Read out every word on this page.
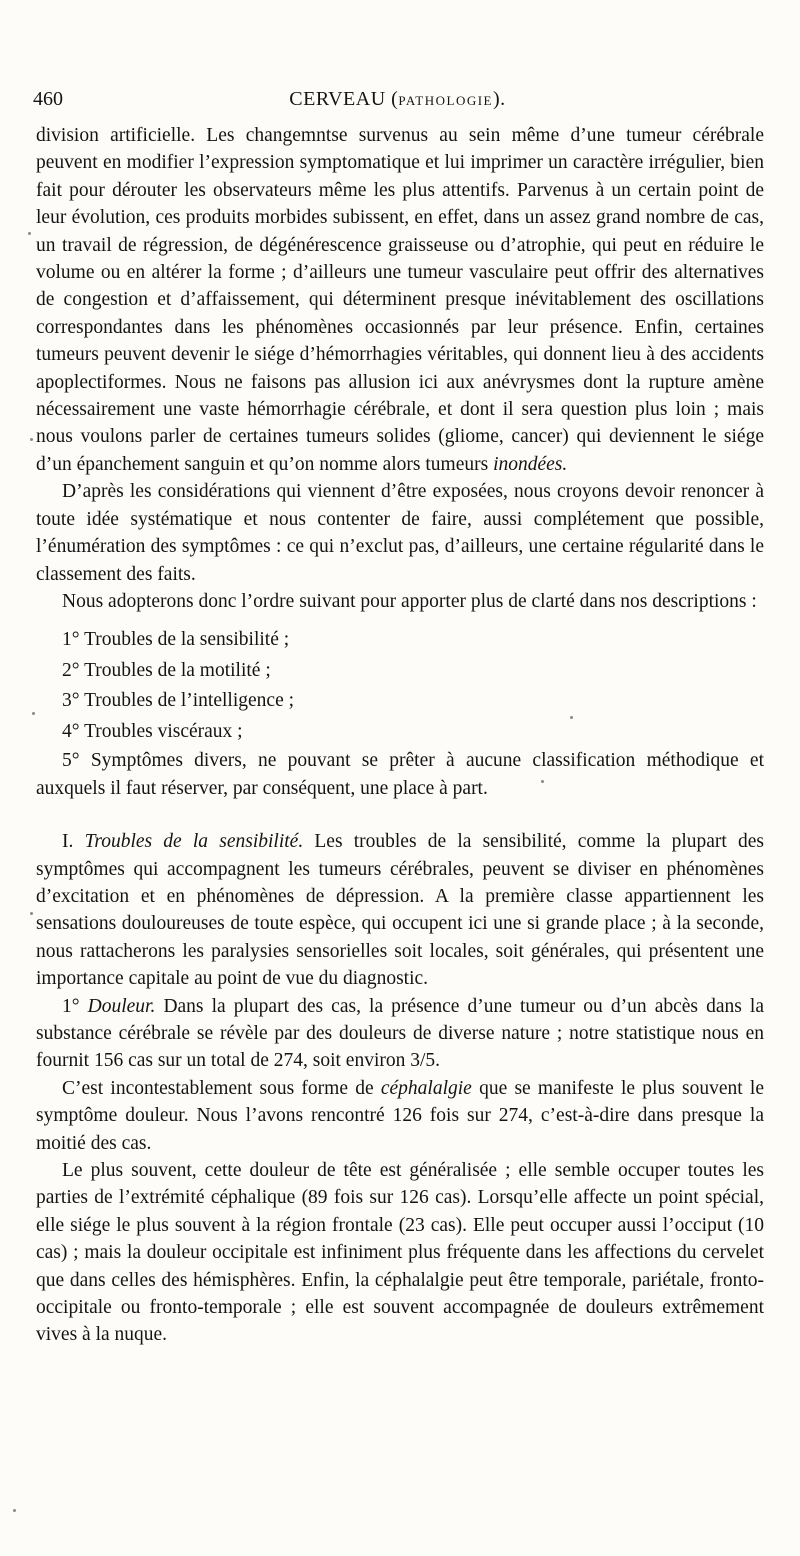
460	CERVEAU (PATHOLOGIE).

division artificielle. Les changemntse survenus au sein même d’une tumeur cérébrale peuvent en modifier l’expression symptomatique et lui imprimer un caractère irrégulier, bien fait pour dérouter les observateurs même les plus attentifs. Parvenus à un certain point de leur évolution, ces produits morbides subissent, en effet, dans un assez grand nombre de cas, un travail de régression, de dégénérescence graisseuse ou d’atrophie, qui peut en réduire le volume ou en altérer la forme ; d’ailleurs une tumeur vasculaire peut offrir des alternatives de congestion et d’affaissement, qui déterminent presque inévitablement des oscillations correspondantes dans les phénomènes occasionnés par leur présence. Enfin, certaines tumeurs peuvent devenir le siége d’hémorrhagies véritables, qui donnent lieu à des accidents apoplectiformes. Nous ne faisons pas allusion ici aux anévrysmes dont la rupture amène nécessairement une vaste hémorrhagie cérébrale, et dont il sera question plus loin ; mais nous voulons parler de certaines tumeurs solides (gliome, cancer) qui deviennent le siége d’un épanchement sanguin et qu’on nomme alors tumeurs inondées.

D’après les considérations qui viennent d’être exposées, nous croyons devoir renoncer à toute idée systématique et nous contenter de faire, aussi complétement que possible, l’énumération des symptômes : ce qui n’exclut pas, d’ailleurs, une certaine régularité dans le classement des faits.

Nous adopterons donc l’ordre suivant pour apporter plus de clarté dans nos descriptions :

1° Troubles de la sensibilité ;

2° Troubles de la motilité ;

3° Troubles de l’intelligence ;

4° Troubles viscéraux ;

5° Symptômes divers, ne pouvant se prêter à aucune classification méthodique et auxquels il faut réserver, par conséquent, une place à part.

I. Troubles de la sensibilité. Les troubles de la sensibilité, comme la plupart des symptômes qui accompagnent les tumeurs cérébrales, peuvent se diviser en phénomènes d’excitation et en phénomènes de dépression. A la première classe appartiennent les sensations douloureuses de toute espèce, qui occupent ici une si grande place ; à la seconde, nous rattacherons les paralysies sensorielles soit locales, soit générales, qui présentent une importance capitale au point de vue du diagnostic.

1° Douleur. Dans la plupart des cas, la présence d’une tumeur ou d’un abcès dans la substance cérébrale se révèle par des douleurs de diverse nature ; notre statistique nous en fournit 156 cas sur un total de 274, soit environ 3/5.

C’est incontestablement sous forme de céphalalgie que se manifeste le plus souvent le symptôme douleur. Nous l’avons rencontré 126 fois sur 274, c’est-à-dire dans presque la moitié des cas.

Le plus souvent, cette douleur de tête est généralisée ; elle semble occuper toutes les parties de l’extrémité céphalique (89 fois sur 126 cas). Lorsqu’elle affecte un point spécial, elle siége le plus souvent à la région frontale (23 cas). Elle peut occuper aussi l’occiput (10 cas) ; mais la douleur occipitale est infiniment plus fréquente dans les affections du cervelet que dans celles des hémisphères. Enfin, la céphalalgie peut être temporale, pariétale, fronto-occipitale ou fronto-temporale ; elle est souvent accompagnée de douleurs extrêmement vives à la nuque.
